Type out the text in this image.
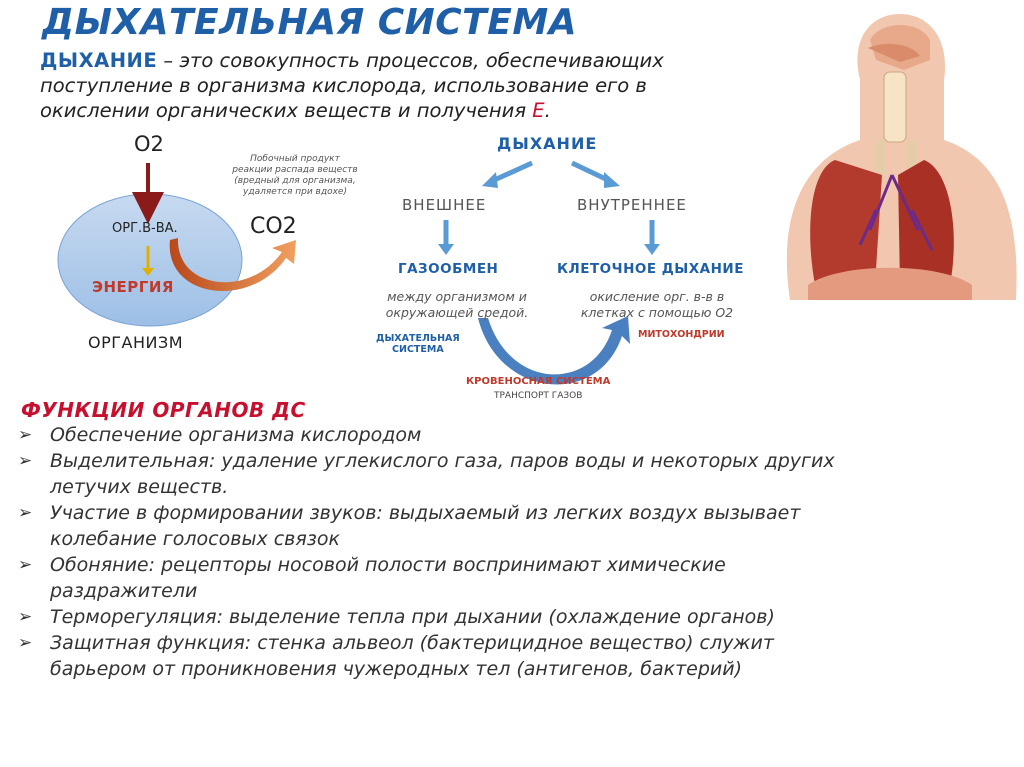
ДЫХАТЕЛЬНАЯ СИСТЕМА
ДЫХАНИЕ – это совокупность процессов, обеспечивающих
поступление в организма кислорода, использование его в
окислении органических веществ и получения Е.
О2
Побочный продукт
реакции распада веществ
(вредный для организма,
удаляется при вдохе)
ОРГ.В-ВА.	СО2
ЭНЕРГИЯ
ОРГАНИЗМ
ДЫХАНИЕ
ВНЕШНЕЕ	ВНУТРЕННЕЕ
ГАЗООБМЕН	КЛЕТОЧНОЕ ДЫХАНИЕ
между организмом и
окружающей средой.
окисление орг. в-в в
клетках с помощью О2
ДЫХАТЕЛЬНАЯ
СИСТЕМА
МИТОХОНДРИИ
КРОВЕНОСНАЯ СИСТЕМА
ТРАНСПОРТ ГАЗОВ
ФУНКЦИИ ОРГАНОВ ДС
➢ Обеспечение организма кислородом
➢ Выделительная: удаление углекислого газа, паров воды и некоторых других
летучих веществ.
➢ Участие в формировании звуков: выдыхаемый из легких воздух вызывает
колебание голосовых связок
➢ Обоняние: рецепторы носовой полости воспринимают химические
раздражители
➢ Терморегуляция: выделение тепла при дыхании (охлаждение органов)
➢ Защитная функция: стенка альвеол (бактерицидное вещество) служит
барьером от проникновения чужеродных тел (антигенов, бактерий)
